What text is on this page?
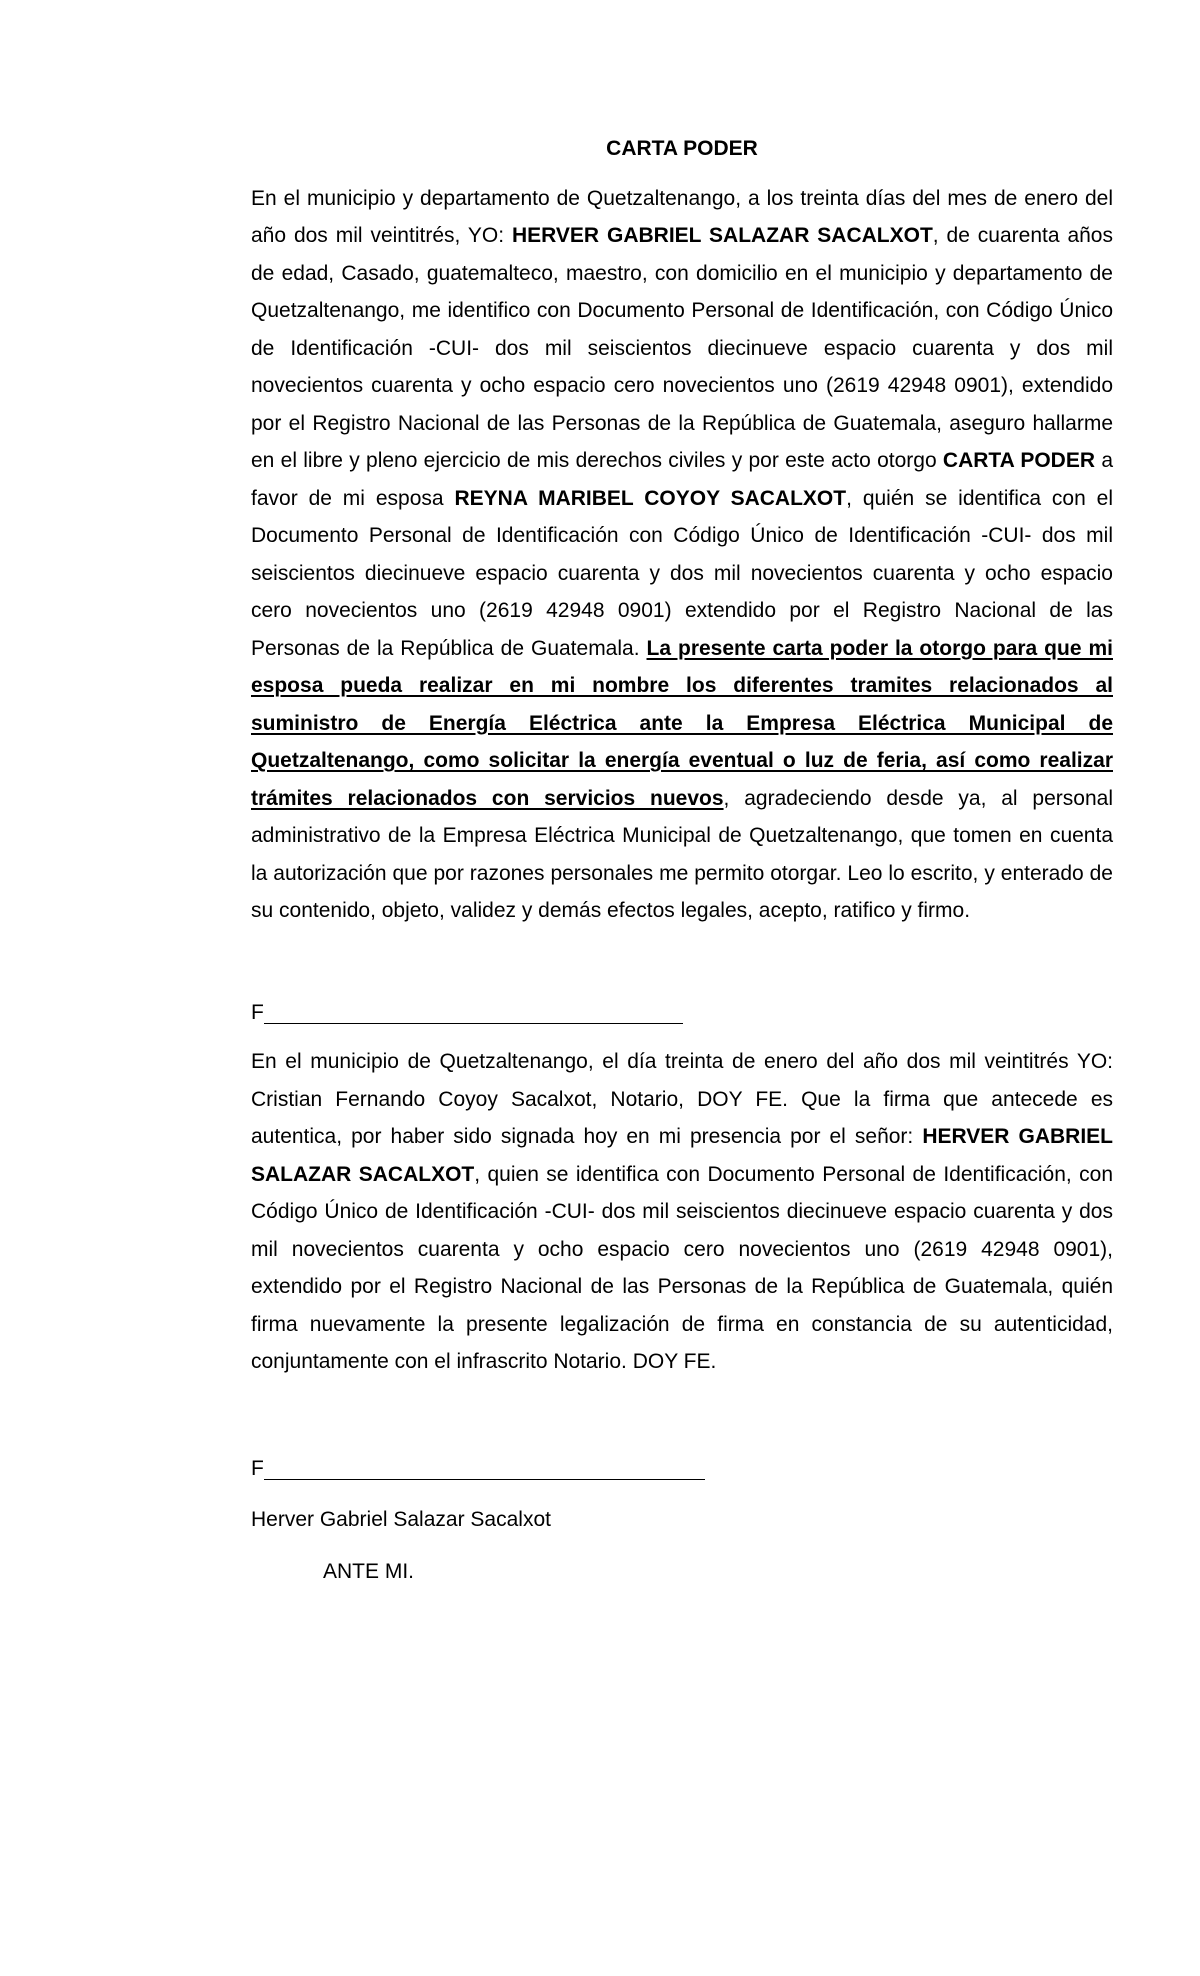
CARTA PODER

En el municipio y departamento de Quetzaltenango, a los treinta días del mes de enero del año dos mil veintitrés, YO: HERVER GABRIEL SALAZAR SACALXOT, de cuarenta años de edad, Casado, guatemalteco, maestro, con domicilio en el municipio y departamento de Quetzaltenango, me identifico con Documento Personal de Identificación, con Código Único de Identificación -CUI- dos mil seiscientos diecinueve espacio cuarenta y dos mil novecientos cuarenta y ocho espacio cero novecientos uno (2619 42948 0901), extendido por el Registro Nacional de las Personas de la República de Guatemala, aseguro hallarme en el libre y pleno ejercicio de mis derechos civiles y por este acto otorgo CARTA PODER a favor de mi esposa REYNA MARIBEL COYOY SACALXOT, quién se identifica con el Documento Personal de Identificación con Código Único de Identificación -CUI- dos mil seiscientos diecinueve espacio cuarenta y dos mil novecientos cuarenta y ocho espacio cero novecientos uno (2619 42948 0901) extendido por el Registro Nacional de las Personas de la República de Guatemala. La presente carta poder la otorgo para que mi esposa pueda realizar en mi nombre los diferentes tramites relacionados al suministro de Energía Eléctrica ante la Empresa Eléctrica Municipal de Quetzaltenango, como solicitar la energía eventual o luz de feria, así como realizar trámites relacionados con servicios nuevos, agradeciendo desde ya, al personal administrativo de la Empresa Eléctrica Municipal de Quetzaltenango, que tomen en cuenta la autorización que por razones personales me permito otorgar. Leo lo escrito, y enterado de su contenido, objeto, validez y demás efectos legales, acepto, ratifico y firmo.

F

En el municipio de Quetzaltenango, el día treinta de enero del año dos mil veintitrés YO: Cristian Fernando Coyoy Sacalxot, Notario, DOY FE. Que la firma que antecede es autentica, por haber sido signada hoy en mi presencia por el señor: HERVER GABRIEL SALAZAR SACALXOT, quien se identifica con Documento Personal de Identificación, con Código Único de Identificación -CUI- dos mil seiscientos diecinueve espacio cuarenta y dos mil novecientos cuarenta y ocho espacio cero novecientos uno (2619 42948 0901), extendido por el Registro Nacional de las Personas de la República de Guatemala, quién firma nuevamente la presente legalización de firma en constancia de su autenticidad, conjuntamente con el infrascrito Notario. DOY FE.

F
Herver Gabriel Salazar Sacalxot
ANTE MI.
